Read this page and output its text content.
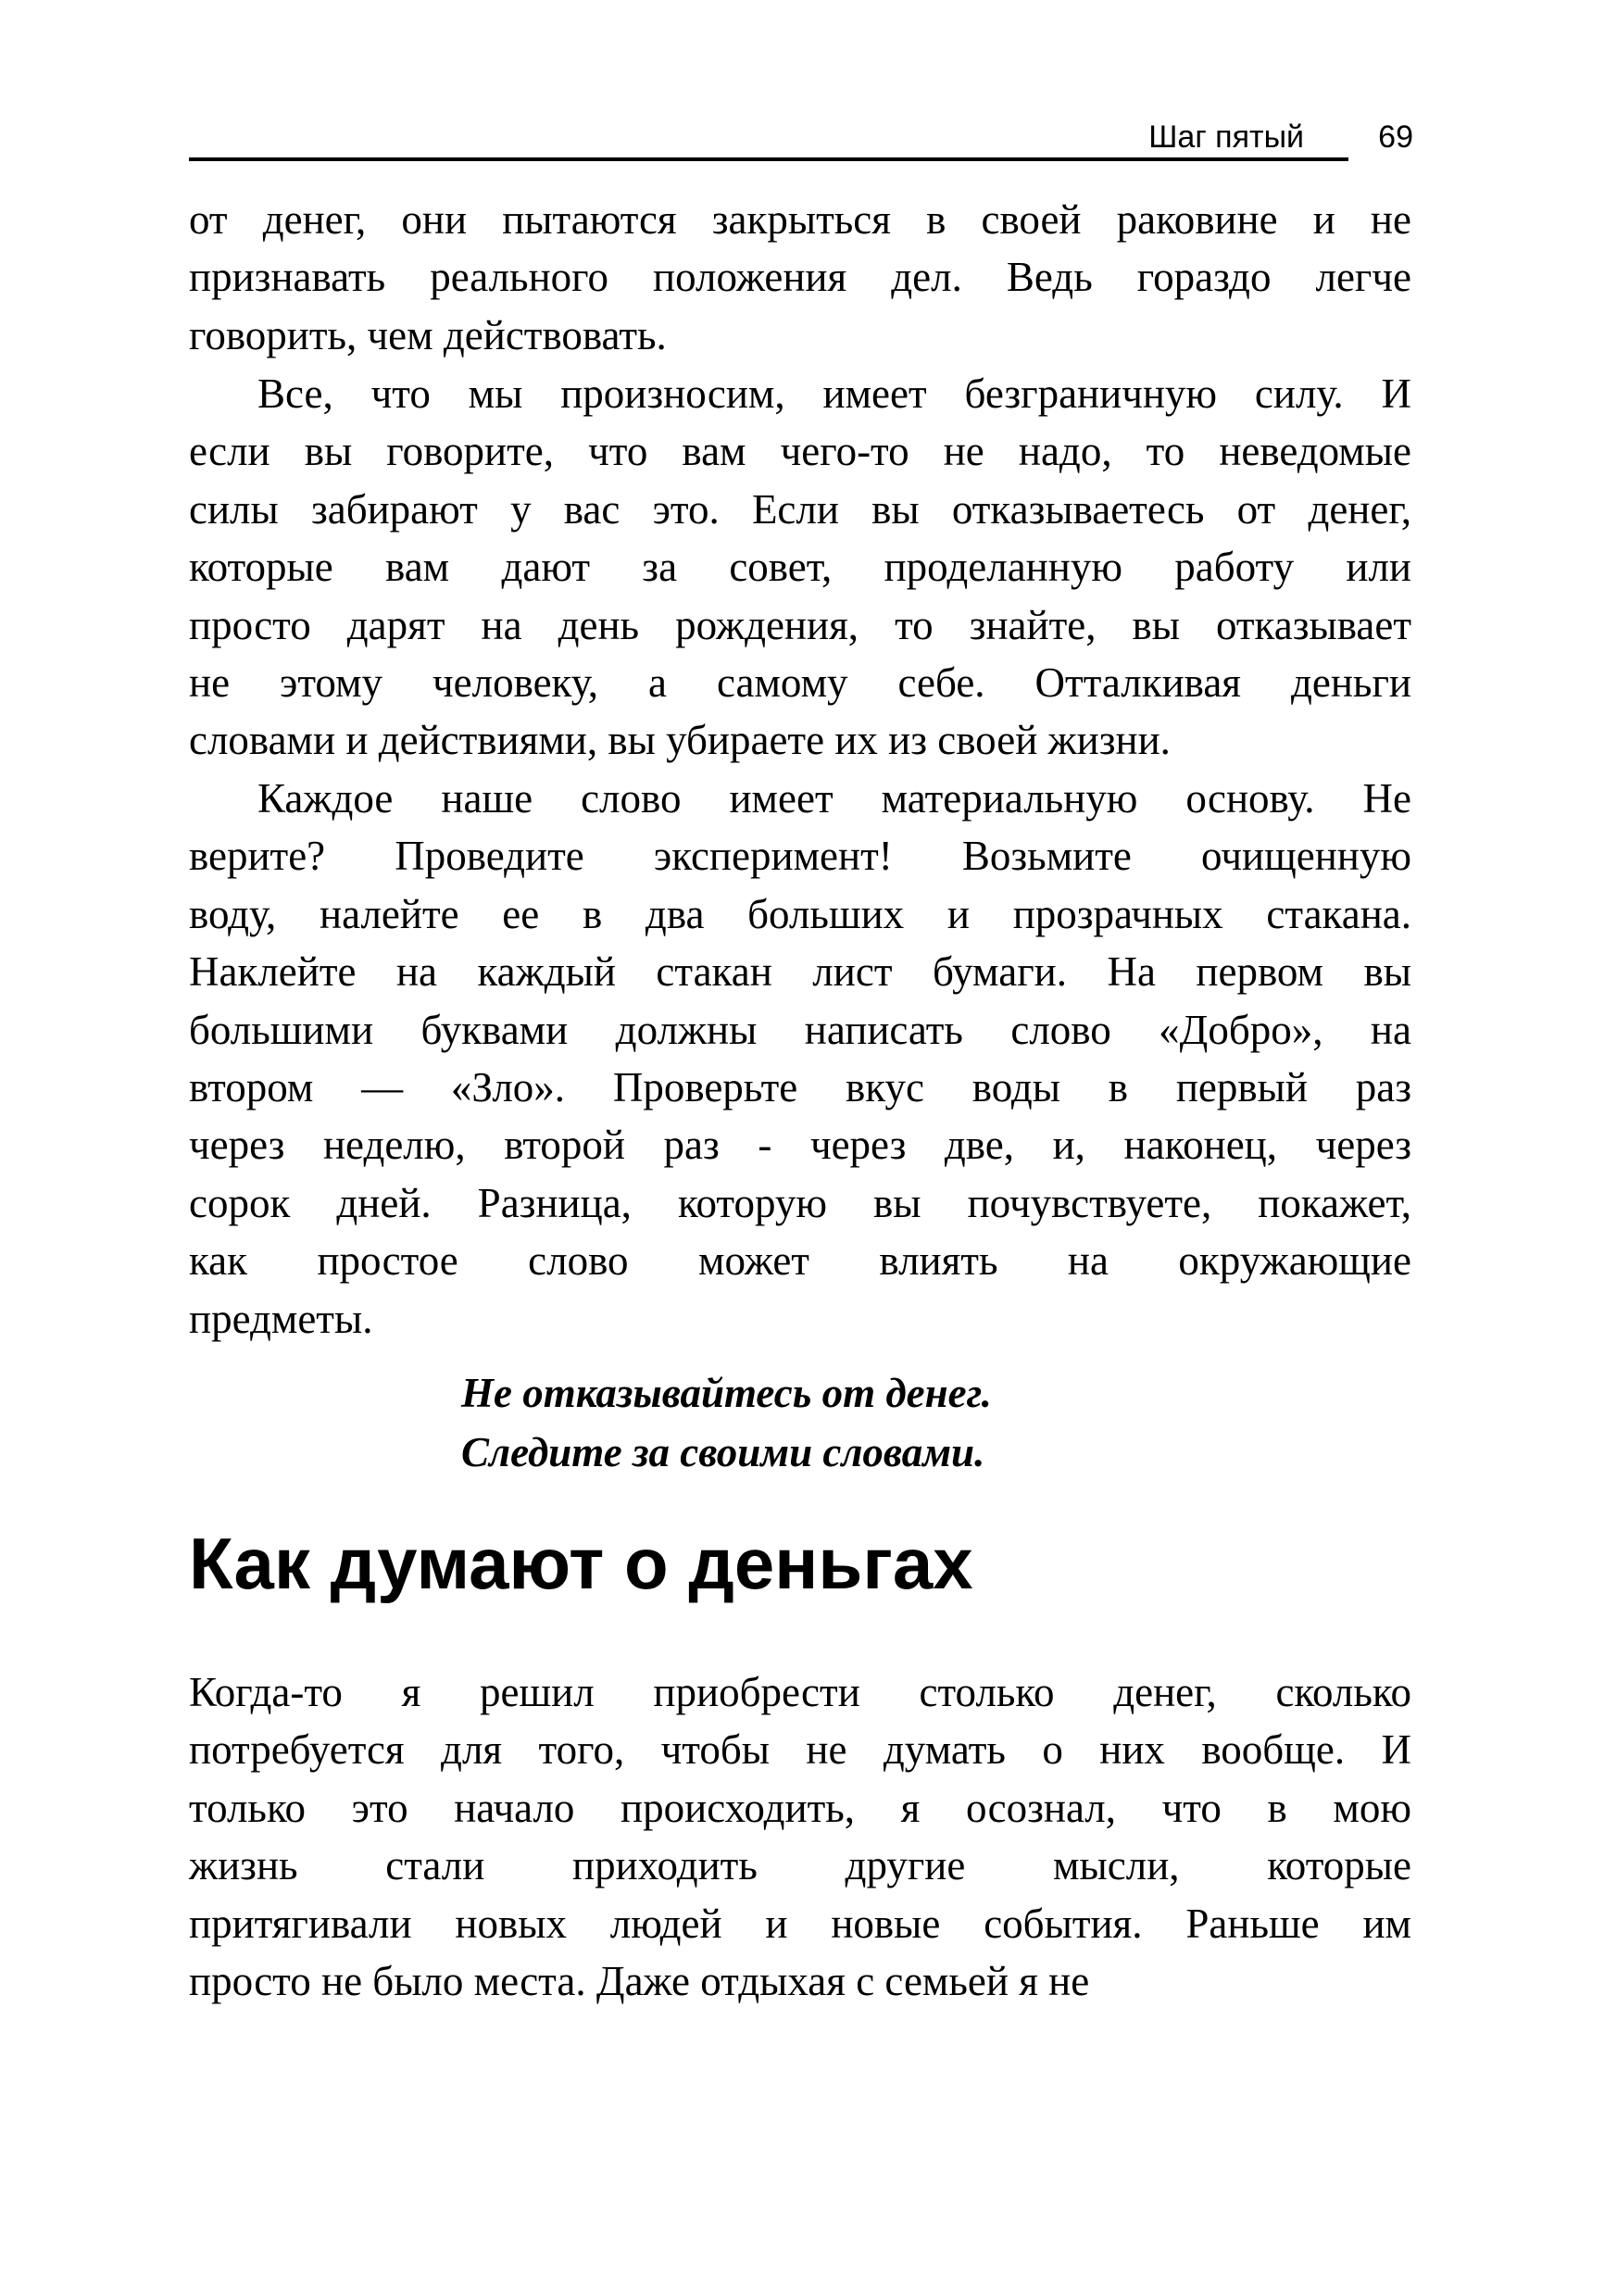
Шаг пятый 69
от денег, они пытаются закрыться в своей раковине и не
признавать реального положения дел. Ведь гораздо легче
говорить, чем действовать.
Все, что мы произносим, имеет безграничную силу. И
если вы говорите, что вам чего-то не надо, то неведомые
силы забирают у вас это. Если вы отказываетесь от денег,
которые вам дают за совет, проделанную работу или
просто дарят на день рождения, то знайте, вы отказывает
не этому человеку, а самому себе. Отталкивая деньги
словами и действиями, вы убираете их из своей жизни.
Каждое наше слово имеет материальную основу. Не
верите? Проведите эксперимент! Возьмите очищенную
воду, налейте ее в два больших и прозрачных стакана.
Наклейте на каждый стакан лист бумаги. На первом вы
большими буквами должны написать слово «Добро», на
втором — «Зло». Проверьте вкус воды в первый раз
через неделю, второй раз - через две, и, наконец, через
сорок дней. Разница, которую вы почувствуете, покажет,
как простое слово может влиять на окружающие
предметы.
Не отказывайтесь от денег.
Следите за своими словами.
Как думают о деньгах
Когда-то я решил приобрести столько денег, сколько
потребуется для того, чтобы не думать о них вообще. И
только это начало происходить, я осознал, что в мою
жизнь стали приходить другие мысли, которые
притягивали новых людей и новые события. Раньше им
просто не было места. Даже отдыхая с семьей я не
